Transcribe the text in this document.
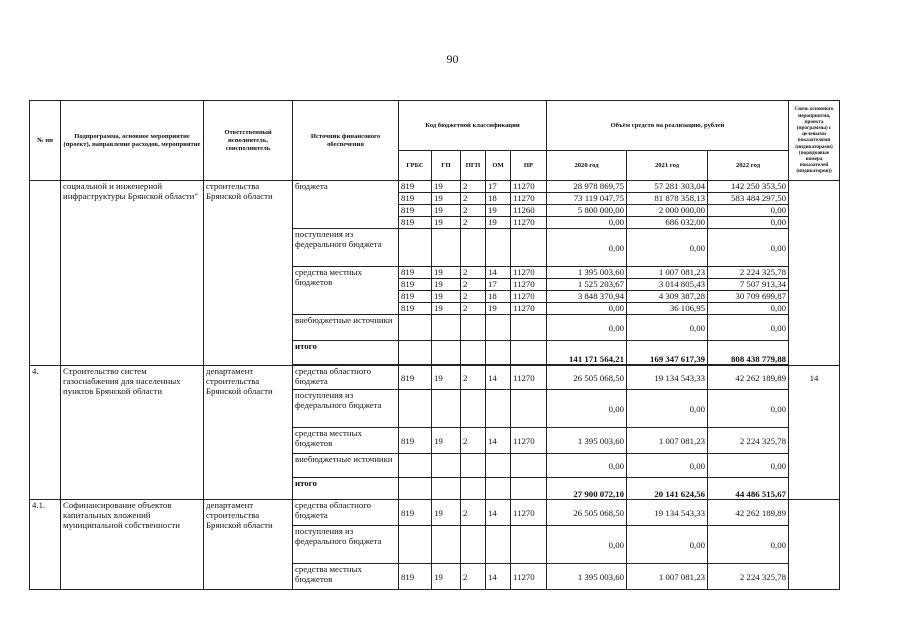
90
№ пп	Подпрограмма, основное мероприятие (проект), направление расходов, мероприятие	Ответственный исполнитель, соисполнитель	Источник финансового обеспечения	Код бюджетной классификации					Объём средств на реализацию, рублей			Связь основного мероприятия, проекта (программы) с целевыми показателями (индикаторами) (порядковые номера показателей (индикаторов))
				ГРБС	ГП	ПГП	ОМ	НР	2020 год	2021 год	2022 год	
	социальной и инженерной инфраструктуры Брянской области"	строительства Брянской области	бюджета	819	19	2	17	11270	28 978 869,75	57 281 303,04	142 250 353,50	
				819	19	2	18	11270	73 119 047,75	81 878 358,13	583 484 297,50	
				819	19	2	19	11260	5 800 000,00	2 000 000,00	0,00	
				819	19	2	19	11270	0,00	686 032,00	0,00	
			поступления из федерального бюджета						0,00	0,00	0,00	
			средства местных бюджетов	819	19	2	14	11270	1 395 003,60	1 007 081,23	2 224 325,78	
				819	19	2	17	11270	1 525 203,67	3 014 805,43	7 507 913,34	
				819	19	2	18	11270	3 848 370,94	4 309 387,28	30 709 699,87	
				819	19	2	19	11270	0,00	36 106,95	0,00	
			внебюджетные источники						0,00	0,00	0,00	
			итого						141 171 564,21	169 347 617,39	808 438 779,88	

4.	Строительство систем газоснабжения для населенных пунктов Брянской области	департамент строительства Брянской области	средства областного бюджета	819	19	2	14	11270	26 505 068,50	19 134 543,33	42 262 189,89	14

			поступления из федерального бюджета						0,00	0,00	0,00	
			средства местных бюджетов	819	19	2	14	11270	1 395 003,60	1 007 081,23	2 224 325,78	
			внебюджетные источники						0,00	0,00	0,00	
			итого						27 900 072,10	20 141 624,56	44 486 515,67	
4.1.	Софинансирование объектов капитальных вложений муниципальной собственности	департамент строительства Брянской области	средства областного бюджета	819	19	2	14	11270	26 505 068,50	19 134 543,33	42 262 189,89	
			поступления из федерального бюджета						0,00	0,00	0,00	
			средства местных бюджетов	819	19	2	14	11270	1 395 003,60	1 007 081,23	2 224 325,78	
